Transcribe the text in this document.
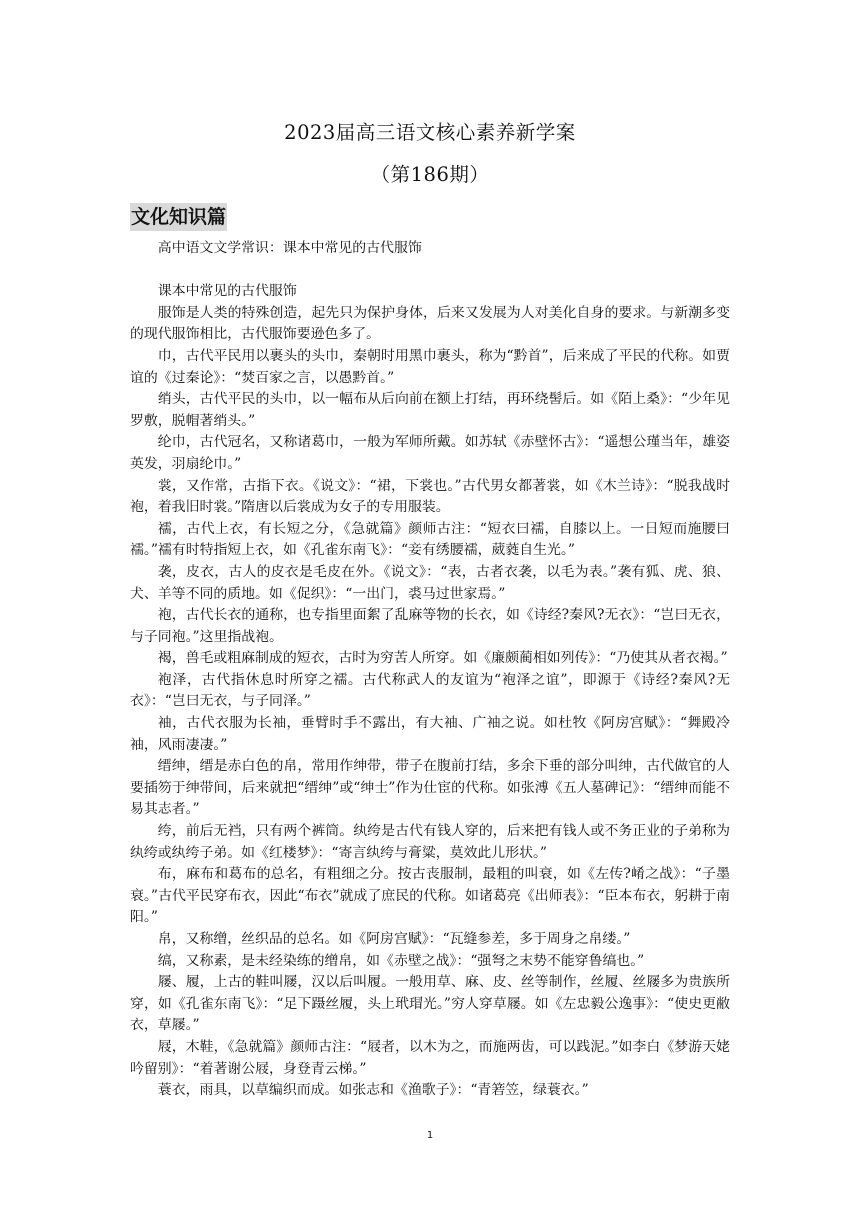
2023届高三语文核心素养新学案
（第186期）
文化知识篇

高中语文文学常识：课本中常见的古代服饰

课本中常见的古代服饰

服饰是人类的特殊创造，起先只为保护身体，后来又发展为人对美化自身的要求。与新潮多变的现代服饰相比，古代服饰要逊色多了。

巾，古代平民用以裹头的头巾，秦朝时用黑巾裹头，称为“黔首”，后来成了平民的代称。如贾谊的《过秦论》：“焚百家之言，以愚黔首。”

绡头，古代平民的头巾，以一幅布从后向前在额上打结，再环绕髻后。如《陌上桑》：“少年见罗敷，脱帽著绡头。”

纶巾，古代冠名，又称诸葛巾，一般为军师所戴。如苏轼《赤壁怀古》：“遥想公瑾当年，雄姿英发，羽扇纶巾。”

裳，又作常，古指下衣。《说文》：“裙，下裳也。”古代男女都著裳，如《木兰诗》：“脱我战时袍，着我旧时裳。”隋唐以后裳成为女子的专用服装。

襦，古代上衣，有长短之分，《急就篇》颜师古注：“短衣曰襦，自膝以上。一日短而施腰曰襦。”襦有时特指短上衣，如《孔雀东南飞》：“妾有绣腰襦，葳蕤自生光。”

袭，皮衣，古人的皮衣是毛皮在外。《说文》：“表，古者衣袭，以毛为表。”袭有狐、虎、狼、犬、羊等不同的质地。如《促织》：“一出门，裘马过世家焉。”

袍，古代长衣的通称，也专指里面絮了乱麻等物的长衣，如《诗经?秦风?无衣》：“岂曰无衣，与子同袍。”这里指战袍。

褐，兽毛或粗麻制成的短衣，古时为穷苦人所穿。如《廉颇蔺相如列传》：“乃使其从者衣褐。”

袍泽，古代指休息时所穿之襦。古代称武人的友谊为“袍泽之谊”，即源于《诗经?秦风?无衣》：“岂曰无衣，与子同泽。”

袖，古代衣服为长袖，垂臂时手不露出，有大袖、广袖之说。如杜牧《阿房宫赋》：“舞殿冷袖，风雨凄凄。”

缙绅，缙是赤白色的帛，常用作绅带，带子在腹前打结，多余下垂的部分叫绅，古代做官的人要插笏于绅带间，后来就把“缙绅”或“绅士”作为仕宦的代称。如张溥《五人墓碑记》：“缙绅而能不易其志者。”

绔，前后无裆，只有两个裤筒。纨绔是古代有钱人穿的，后来把有钱人或不务正业的子弟称为纨绔或纨绔子弟。如《红楼梦》：“寄言纨绔与膏粱，莫效此儿形状。”

布，麻布和葛布的总名，有粗细之分。按古丧服制，最粗的叫衰，如《左传?崤之战》：“子墨衰。”古代平民穿布衣，因此“布衣”就成了庶民的代称。如诸葛亮《出师表》：“臣本布衣，躬耕于南阳。”

帛，又称缯，丝织品的总名。如《阿房宫赋》：“瓦缝参差，多于周身之帛缕。”

缟，又称素，是未经染练的缯帛，如《赤壁之战》：“强弩之末势不能穿鲁缟也。”

屦、履，上古的鞋叫屦，汉以后叫履。一般用草、麻、皮、丝等制作，丝履、丝屦多为贵族所穿，如《孔雀东南飞》：“足下蹑丝履，头上玳瑁光。”穷人穿草屦。如《左忠毅公逸事》：“使史更敝衣，草屦。”

屐，木鞋，《急就篇》颜师古注：“屐者，以木为之，而施两齿，可以践泥。”如李白《梦游天姥吟留别》：“着著谢公屐，身登青云梯。”

蓑衣，雨具，以草编织而成。如张志和《渔歌子》：“青箬笠，绿蓑衣。”

1
